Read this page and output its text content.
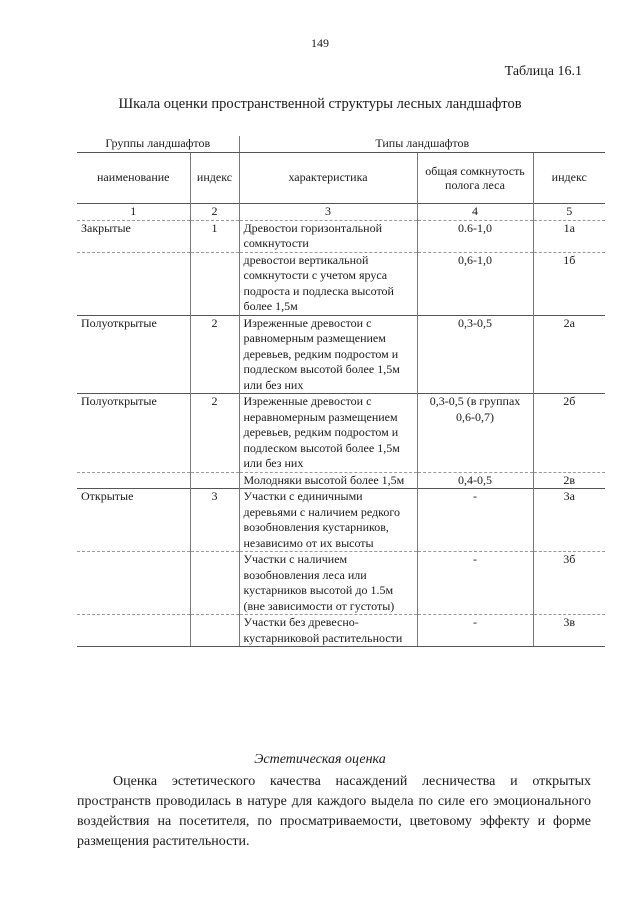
149
Таблица 16.1
Шкала оценки пространственной структуры лесных ландшафтов
Группы ландшафтов		Типы ландшафтов		
наименование	индекс	характеристика	общая сомкнутость полога леса	индекс
1	2	3	4	5
Закрытые	1	Древостои горизонтальной сомкнутости	0.6-1,0	1а
		древостои вертикальной сомкнутости с учетом яруса подроста и подлеска высотой более 1,5м	0,6-1,0	1б
Полуоткрытые	2	Изреженные древостои с равномерным размещением деревьев, редким подростом и подлеском высотой более 1,5м или без них	0,3-0,5	2а
Полуоткрытые	2	Изреженные древостои с неравномерным размещением деревьев, редким подростом и подлеском высотой более 1,5м или без них	0,3-0,5 (в группах 0,6-0,7)	2б
		Молодняки высотой более 1,5м	0,4-0,5	2в
Открытые	3	Участки с единичными деревьями с наличием редкого возобновления кустарников, независимо от их высоты	-	3а
		Участки с наличием возобновления леса или кустарников высотой до 1.5м (вне зависимости от густоты)	-	3б
		Участки без древесно-кустарниковой растительности	-	3в
Эстетическая оценка
Оценка эстетического качества насаждений лесничества и открытых пространств проводилась в натуре для каждого выдела по силе его эмоционального воздействия на посетителя, по просматриваемости, цветовому эффекту и форме размещения растительности.
